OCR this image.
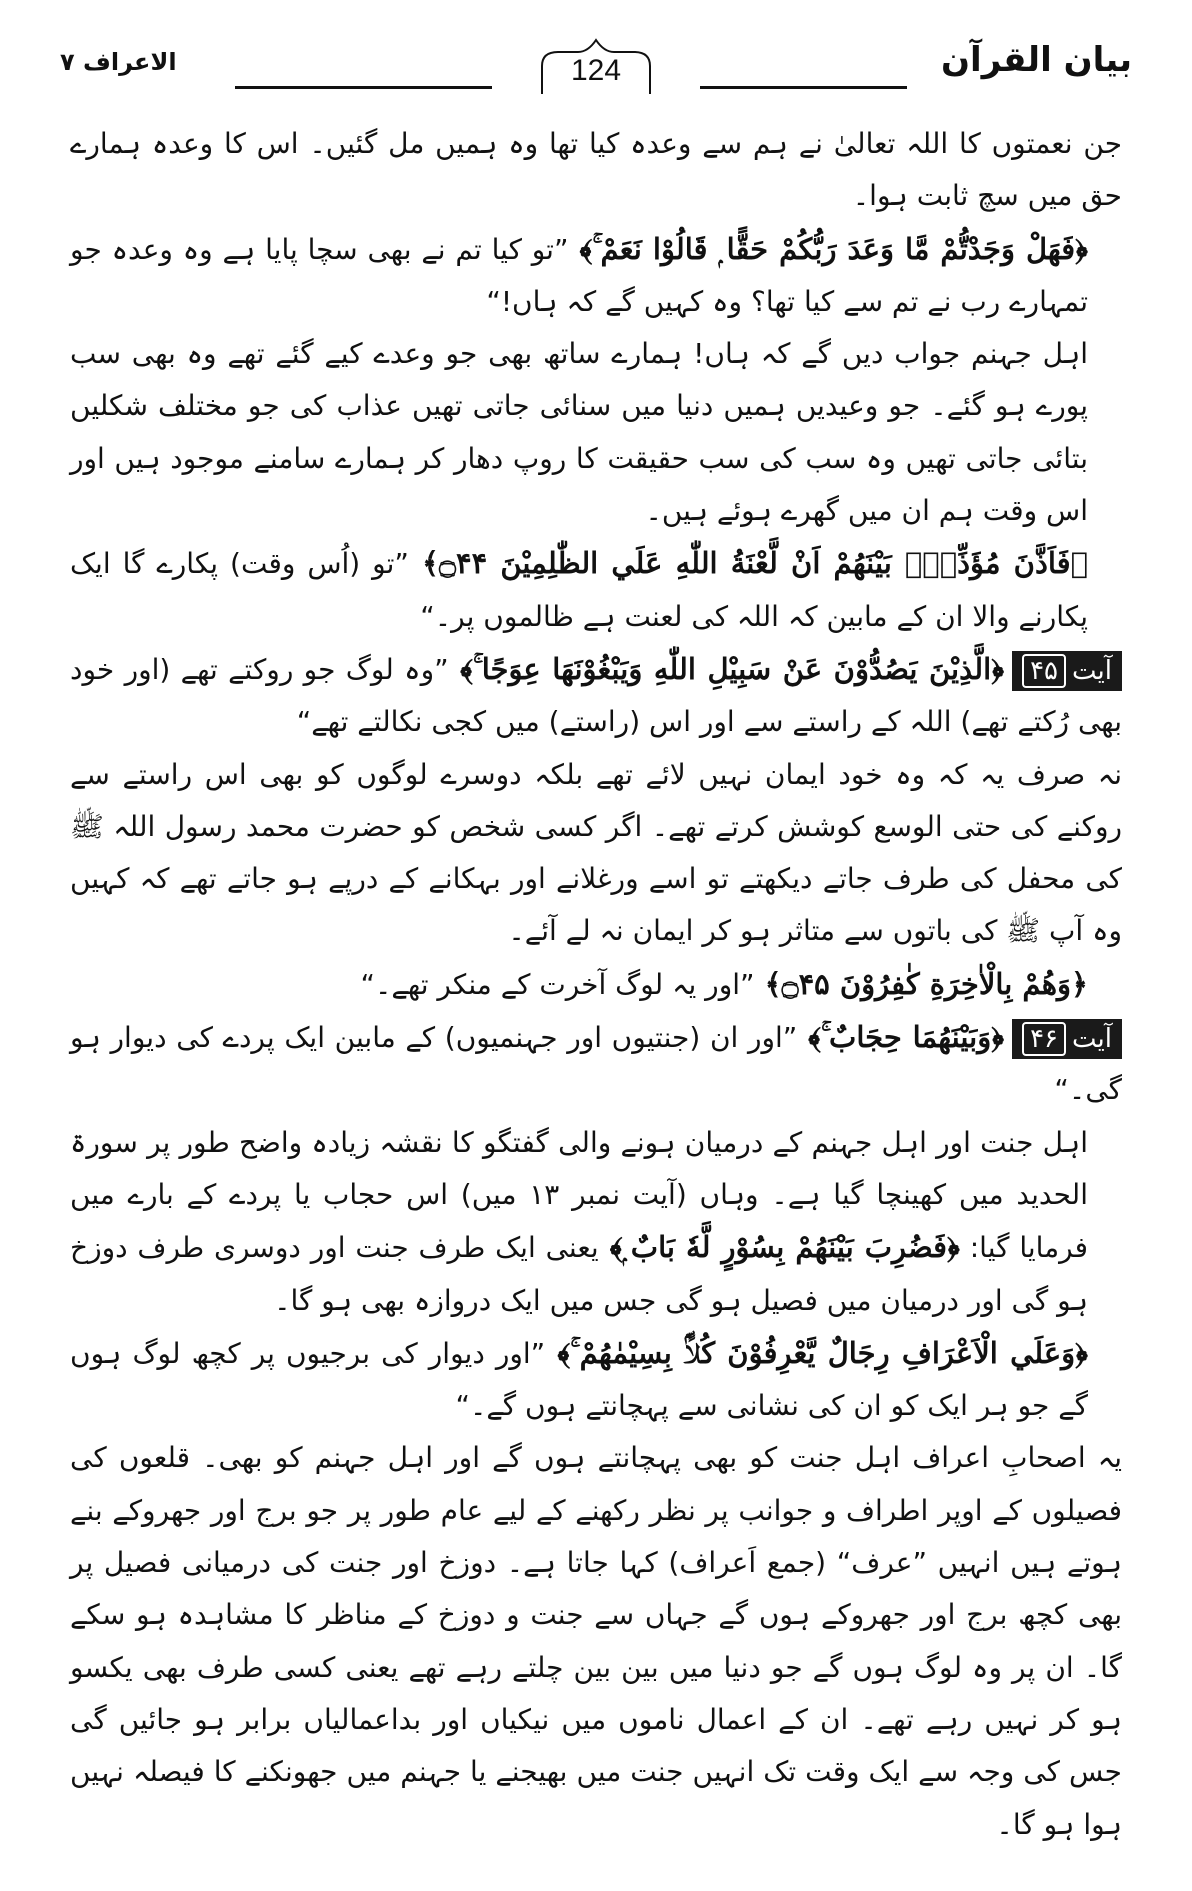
بیان القرآن
124
الاعراف ۷

جن نعمتوں کا اللہ تعالیٰ نے ہم سے وعدہ کیا تھا وہ ہمیں مل گئیں۔ اس کا وعدہ ہمارے حق میں سچ ثابت ہوا۔

﴿فَهَلْ وَجَدْتُّمْ مَّا وَعَدَ رَبُّكُمْ حَقًّا ۭ قَالُوْا نَعَمْ ۚ﴾ ”تو کیا تم نے بھی سچا پایا ہے وہ وعدہ جو تمہارے رب نے تم سے کیا تھا؟ وہ کہیں گے کہ ہاں!“

اہل جہنم جواب دیں گے کہ ہاں! ہمارے ساتھ بھی جو وعدے کیے گئے تھے وہ بھی سب پورے ہو گئے۔ جو وعیدیں ہمیں دنیا میں سنائی جاتی تھیں عذاب کی جو مختلف شکلیں بتائی جاتی تھیں وہ سب کی سب حقیقت کا روپ دھار کر ہمارے سامنے موجود ہیں اور اس وقت ہم ان میں گھرے ہوئے ہیں۔

﴿فَاَذَّنَ مُؤَذِّنٌۢ بَيْنَهُمْ اَنْ لَّعْنَةُ اللّٰهِ عَلَي الظّٰلِمِيْنَ ۝۴۴﴾ ”تو (اُس وقت) پکارے گا ایک پکارنے والا ان کے مابین کہ اللہ کی لعنت ہے ظالموں پر۔“

آیت۴۵﴿الَّذِيْنَ يَصُدُّوْنَ عَنْ سَبِيْلِ اللّٰهِ وَيَبْغُوْنَهَا عِوَجًا ۚ﴾ ”وہ لوگ جو روکتے تھے (اور خود بھی رُکتے تھے) اللہ کے راستے سے اور اس (راستے) میں کجی نکالتے تھے“

نہ صرف یہ کہ وہ خود ایمان نہیں لائے تھے بلکہ دوسرے لوگوں کو بھی اس راستے سے روکنے کی حتی الوسع کوشش کرتے تھے۔ اگر کسی شخص کو حضرت محمد رسول اللہ ﷺ کی محفل کی طرف جاتے دیکھتے تو اسے ورغلانے اور بہکانے کے درپے ہو جاتے تھے کہ کہیں وہ آپ ﷺ کی باتوں سے متاثر ہو کر ایمان نہ لے آئے۔

﴿وَهُمْ بِالْاٰخِرَةِ كٰفِرُوْنَ ۝۴۵﴾ ”اور یہ لوگ آخرت کے منکر تھے۔“

آیت۴۶﴿وَبَيْنَهُمَا حِجَابٌ ۚ﴾ ”اور ان (جنتیوں اور جہنمیوں) کے مابین ایک پردے کی دیوار ہو گی۔“

اہل جنت اور اہل جہنم کے درمیان ہونے والی گفتگو کا نقشہ زیادہ واضح طور پر سورۃ الحدید میں کھینچا گیا ہے۔ وہاں (آیت نمبر ۱۳ میں) اس حجاب یا پردے کے بارے میں فرمایا گیا: ﴿فَضُرِبَ بَيْنَهُمْ بِسُوْرٍ لَّهٗ بَابٌ ۭ﴾ یعنی ایک طرف جنت اور دوسری طرف دوزخ ہو گی اور درمیان میں فصیل ہو گی جس میں ایک دروازہ بھی ہو گا۔

﴿وَعَلَي الْاَعْرَافِ رِجَالٌ يَّعْرِفُوْنَ كُلًّاۢ بِسِيْمٰهُمْ ۚ﴾ ”اور دیوار کی برجیوں پر کچھ لوگ ہوں گے جو ہر ایک کو ان کی نشانی سے پہچانتے ہوں گے۔“

یہ اصحابِ اعراف اہل جنت کو بھی پہچانتے ہوں گے اور اہل جہنم کو بھی۔ قلعوں کی فصیلوں کے اوپر اطراف و جوانب پر نظر رکھنے کے لیے عام طور پر جو برج اور جھروکے بنے ہوتے ہیں انہیں ”عرف“ (جمع اَعراف) کہا جاتا ہے۔ دوزخ اور جنت کی درمیانی فصیل پر بھی کچھ برج اور جھروکے ہوں گے جہاں سے جنت و دوزخ کے مناظر کا مشاہدہ ہو سکے گا۔ ان پر وہ لوگ ہوں گے جو دنیا میں بین بین چلتے رہے تھے یعنی کسی طرف بھی یکسو ہو کر نہیں رہے تھے۔ ان کے اعمال ناموں میں نیکیاں اور بداعمالیاں برابر ہو جائیں گی جس کی وجہ سے ایک وقت تک انہیں جنت میں بھیجنے یا جہنم میں جھونکنے کا فیصلہ نہیں ہوا ہو گا۔
